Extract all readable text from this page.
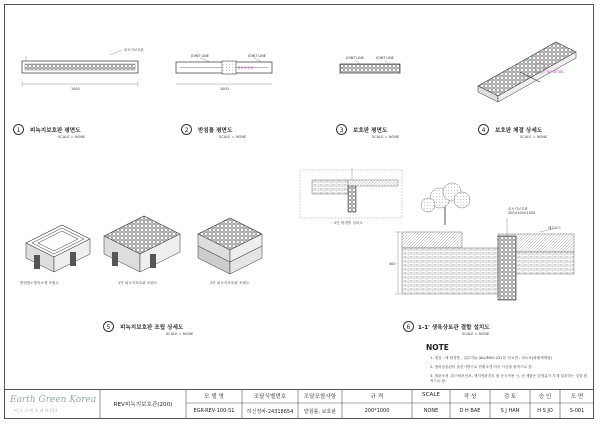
1	피녹지보호판 평면도
SCALE = NONE
2	받침틀 평면도
SCALE = NONE
3	보호판 평면도
SCALE = NONE
4	보호판 체결 상세도
SCALE = NONE
5	피녹지보호판 조립 상세도
SCALE = NONE
6	1-1' 생육상토관 결합 설치도
SCALE = NONE
피녹지보호판
1000
JOINT LINE	JOINT LINE
생육보호판
1000
JOINT LINE	JOINT LINE
"A" DETAIL
2단 환경틀 설치도
받침틀+생육소켓 조립도	1단 피녹지보호판 조립도	2단 피녹지보호판 조립도
피녹지보호판
200×100×1000
배수보도
400
NOTE
1. 재질 : 새 환경틀 , 일루미늄 (ALUM50-15) 본 단요면 : 피녹보(화황색계열)
2. 생육상통관의 솔선시방으로 현황소켓 아우 시공을 원칙으로 함.
3. 철판조정 ,리스틸보인보, 생지역판건우 원 동시적용 시, 선 제품은 앞정분사 부재 설치하는 것을 원칙으로 함.
Earth Green Korea
어 스 그 린 코 리 아 (주)
REV피녹지보호관(200)
모 델 명	조달식별번호	조달포함사항	규 격	SCALE	작 성	검 토	승 인	도 면
EGK-REV-100-S1	허신정바-24318654	받침틀, 보호판	200*1000	NONE	D H BAE	S J HAN	H S JO	S-001
